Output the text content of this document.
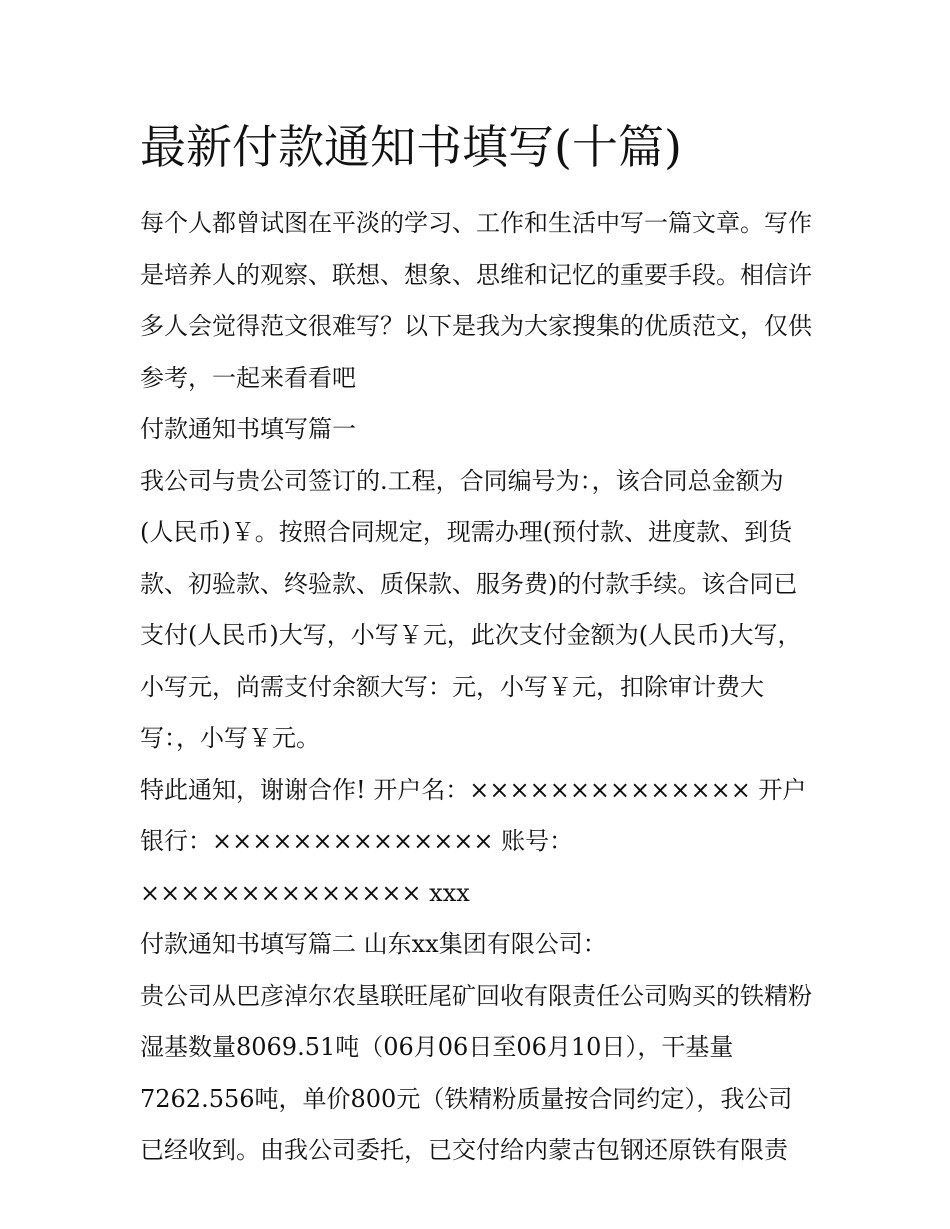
最新付款通知书填写(十篇)

每个人都曾试图在平淡的学习、工作和生活中写一篇文章。写作是培养人的观察、联想、想象、思维和记忆的重要手段。相信许多人会觉得范文很难写？以下是我为大家搜集的优质范文，仅供参考，一起来看看吧

付款通知书填写篇一

我公司与贵公司签订的.工程，合同编号为：，该合同总金额为(人民币)￥。按照合同规定，现需办理(预付款、进度款、到货款、初验款、终验款、质保款、服务费)的付款手续。该合同已支付(人民币)大写，小写￥元，此次支付金额为(人民币)大写，小写元，尚需支付余额大写：元，小写￥元，扣除审计费大写：，小写￥元。

特此通知，谢谢合作! 开户名：×××××××××××××× 开户银行：×××××××××××××× 账号：×××××××××××××× xxx

付款通知书填写篇二 山东xx集团有限公司：

贵公司从巴彦淖尔农垦联旺尾矿回收有限责任公司购买的铁精粉湿基数量8069.51吨（06月06日至06月10日），干基量7262.556吨，单价800元（铁精粉质量按合同约定），我公司已经收到。由我公司委托，已交付给内蒙古包钢还原铁有限责
